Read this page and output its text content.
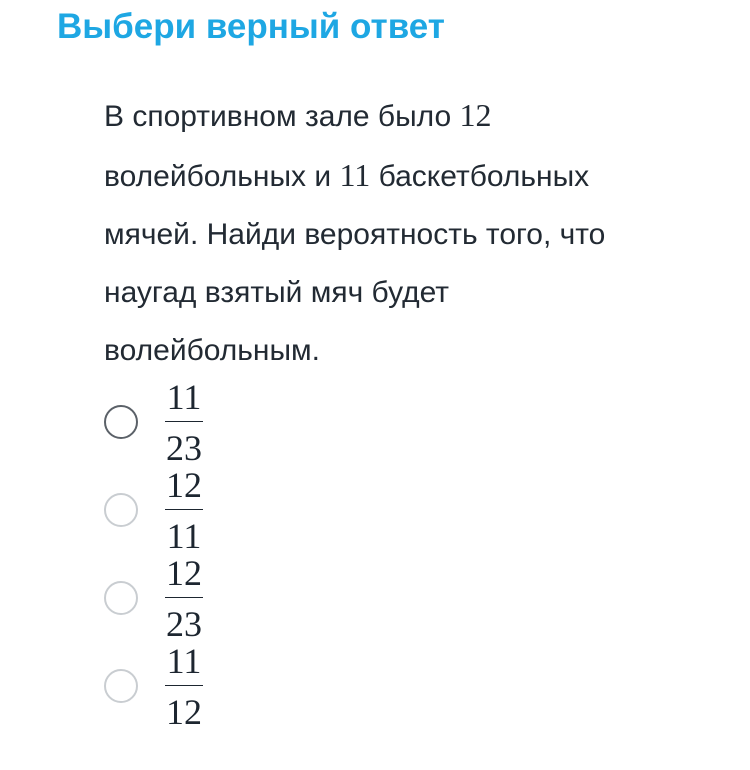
Выбери верный ответ
В спортивном зале было 12 волейбольных и 11 баскетбольных мячей. Найди вероятность того, что наугад взятый мяч будет волейбольным.
$\frac{11}{23}$
$\frac{12}{11}$
$\frac{12}{23}$
$\frac{11}{12}$
